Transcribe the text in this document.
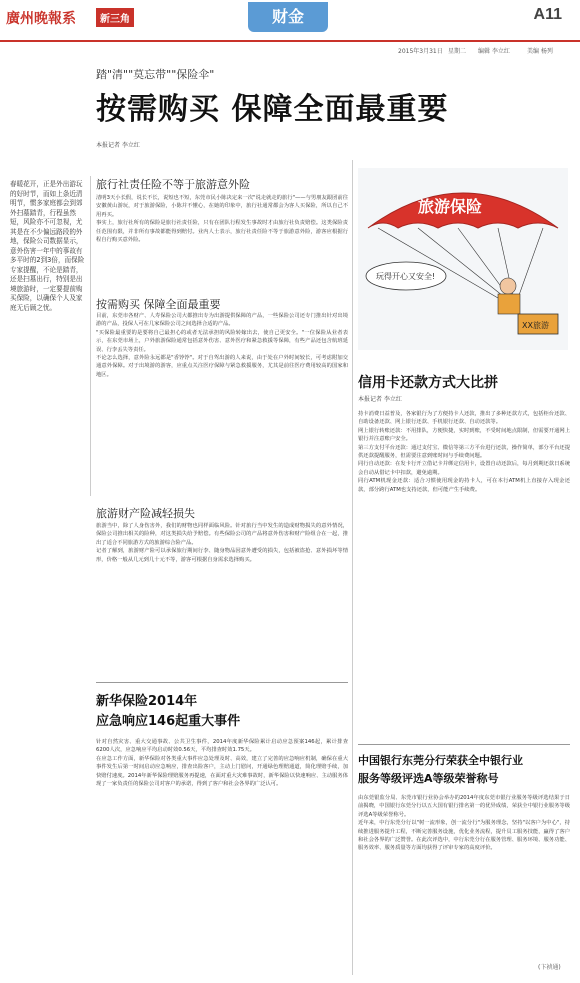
廣州晚報系	新三角	财金	A11
2015年3月31日 星期二 编辑 李立红	美编 杨列
踏"清""莫忘带""保险伞"
按需购买 保障全面最重要
本报记者 李立红
春暖花开，正是外出游玩的好时节，而如上条近清明节，惯多家庭都会到郊外扫墓踏青，行程虽然短，风险亦不可忽视，尤其是在不少偏远路段的外地，保险公司数据显示，意外伤害一年中的事故有多平时的2到3倍，而保险专家提醒，不论是踏青，还是扫墓出行，特别是出境旅游时，一定要提前购买保险，以确保个人及家庭无后顾之忧。
旅行社责任险不等于旅游意外险
清明3天小长假，说长不长，说短也不短，东莞市民小陈决定来一次"说走就走的旅行"——与男朋友跟团前往安徽黄山游玩，对于旅游保险，小陈并不懂心，在她的印象中，旅行社通常都会为客人买保险，所以自己不用再买。
事实上，旅行社所有的保险是旅行社责任险，只有在团队行程发生事故时才由旅行社负责赔偿。这类保险责任范围有限，并非所有事故都能得到赔付。业内人士表示，旅行社责任险不等于旅游意外险，游客应根据行程自行购买意外险。
按需购买 保障全面最重要
目前，东莞市各财产、人寿保险公司大都推出专为出游提供保障的产品，一些保险公司还专门推出针对出境游的产品，投保人可在几家保险公司之间选择合适的产品。
"买保险最重要的是要将自己最担心的或者无法承担的风险转嫁出去，使自己更安全。"一位保险从业者表示，在东莞市场上，户外旅游保险通常包括意外伤害、意外医疗和紧急救援等保障，有些产品还包含航班延误、行李丢失等责任。
不论怎么选择，意外险永远都是"香饽饽"。对于自驾出游的人来说，由于处在户外时间较长，可考虑附加交通意外保障。对于出境游的游客，应重点关注医疗保障与紧急救援服务，尤其是前往医疗费用较高的国家和地区。
旅游财产险减轻损失
旅游当中，除了人身伤害外，我们的财物也同样面临风险。针对旅行当中发生的造成财物损失的意外情况，保险公司推出相关的险种，对这类损失给予赔偿。有些保险公司的产品将意外伤害和财产险组合在一起，推出了适合不同旅游方式的旅游综合险产品。
记者了解到，旅游财产险可以承保旅行期间行李、随身物品因意外遭受的损失，包括被盗抢、意外损坏等情形，价格一般从几元到几十元不等，游客可根据自身需求选择购买。
新华保险2014年
应急响应146起重大事件
针对自然灾害、重大交通事故、公共卫生事件，2014年度新华保险累计启动应急预案146起，累计排查6200人次，应急响应平均启动时效0.56天，平均排查时效1.75天。
在应急工作方面，新华保险对各类重大事件应急处理及时、高效，建立了完善的应急响应机制，确保在重大事件发生后第一时间启动应急响应，排查出险客户，主动上门慰问，开通绿色理赔通道，简化理赔手续，加快赔付速度。2014年新华保险理赔服务再提速，在面对重大灾难事故时，新华保险以快速响应、主动服务体现了一家负责任的保险公司对客户的承诺，得到了客户和社会各界的广泛认可。
旅游保险
玩得开心又安全!
XX旅游
信用卡还款方式大比拼
本报记者 李立红
持卡消费日益普及，各家银行为了方便持卡人还款，推出了多种还款方式，包括柜台还款、自助设备还款、网上银行还款、手机银行还款、自动还款等。
网上银行转账还款：不用排队，方便快捷，实时到账，不受时间地点限制，但需要开通网上银行并注意账户安全。
第三方支付平台还款：通过支付宝、微信等第三方平台进行还款，操作简单，部分平台还提供还款提醒服务，但需要注意到账时间与手续费问题。
同行自动还款：在发卡行开立借记卡并绑定信用卡，设置自动还款后，每月到期还款日系统会自动从借记卡中扣款，避免逾期。
同行ATM机现金还款：适合习惯使用现金的持卡人，可在本行ATM机上直接存入现金还款，部分跨行ATM也支持还款，但可能产生手续费。
中国银行东莞分行荣获全中银行业
服务等级评选A等级荣誉称号
由东莞银监分局、东莞市银行业协会举办的2014年度东莞市银行业服务等级评选结果于日前揭晓，中国银行东莞分行以五大国有银行排名第一的优异成绩，荣获全中银行业服务等级评选A等级荣誉称号。
近年来，中行东莞分行以"树一流形象，创一流分行"为服务理念，坚持"以客户为中心"，持续推进服务提升工程，不断完善服务设施，优化业务流程，提升员工服务技能，赢得了客户和社会各界的广泛赞誉。在此次评选中，中行东莞分行在服务管理、服务环境、服务功能、服务效率、服务质量等方面均获得了评审专家的高度评价。
(卞祯通)
